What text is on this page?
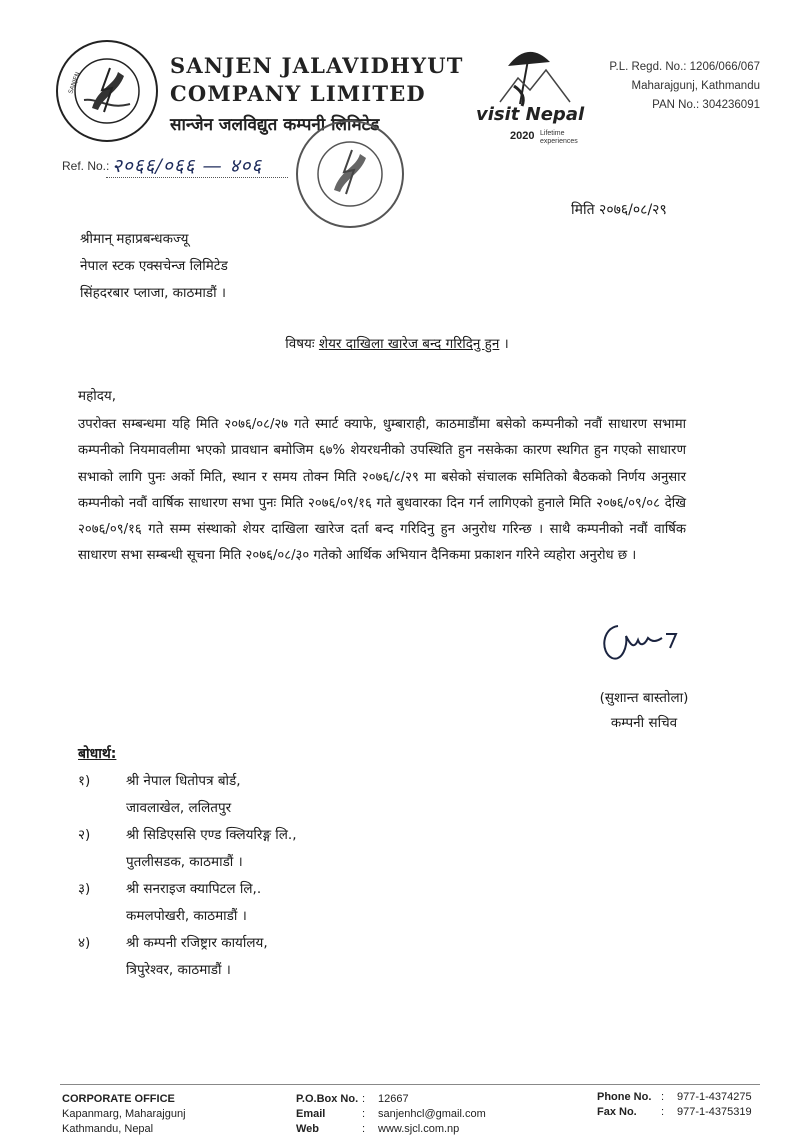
SANJEN
SANJEN JALAVIDHYUT
COMPANY LIMITED
सान्जेन जलविद्युत कम्पनी लिमिटेड	visit Nepal
2020 Lifetime experiences
P.L. Regd. No.: 1206/066/067
Maharajgunj, Kathmandu
PAN No.: 304236091
Ref. No.: २०६६/०६६ — ४०६
मिति २०७६/०८/२९
श्रीमान् महाप्रबन्धकज्यू
नेपाल स्टक एक्सचेन्ज लिमिटेड
सिंहदरबार प्लाजा, काठमाडौं ।
विषयः शेयर दाखिला खारेज बन्द गरिदिनु हुन ।
महोदय,
उपरोक्त सम्बन्धमा यहि मिति २०७६/०८/२७ गते स्मार्ट क्याफे, धुम्बाराही, काठमाडौंमा बसेको कम्पनीको नवौं साधारण सभामा कम्पनीको नियमावलीमा भएको प्रावधान बमोजिम ६७% शेयरधनीको उपस्थिति हुन नसकेका कारण स्थगित हुन गएको साधारण सभाको लागि पुनः अर्को मिति, स्थान र समय तोक्न मिति २०७६/८/२९ मा बसेको संचालक समितिको बैठकको निर्णय अनुसार कम्पनीको नवौं वार्षिक साधारण सभा पुनः मिति २०७६/०९/१६ गते बुधवारका दिन गर्न लागिएको हुनाले मिति २०७६/०९/०८ देखि २०७६/०९/१६ गते सम्म संस्थाको शेयर दाखिला खारेज दर्ता बन्द गरिदिनु हुन अनुरोध गरिन्छ । साथै कम्पनीको नवौं वार्षिक साधारण सभा सम्बन्धी सूचना मिति २०७६/०८/३० गतेको आर्थिक अभियान दैनिकमा प्रकाशन गरिने व्यहोरा अनुरोध छ ।
(सुशान्त बास्तोला)
कम्पनी सचिव
बोधार्थ:
१)	श्री नेपाल धितोपत्र बोर्ड,
जावलाखेल, ललितपुर
२)	श्री सिडिएससि एण्ड क्लियरिङ्ग लि.,
पुतलीसडक, काठमाडौं ।
३)	श्री सनराइज क्यापिटल लि,.
कमलपोखरी, काठमाडौं ।
४)	श्री कम्पनी रजिष्ट्रार कार्यालय,
त्रिपुरेश्वर, काठमाडौं ।
CORPORATE OFFICE
Kapanmarg, Maharajgunj
Kathmandu, Nepal
P.O.Box No. :	12667
Email	:	sanjenhcl@gmail.com
Web	:	www.sjcl.com.np
Phone No. :	977-1-4374275
Fax No.	:	977-1-4375319
